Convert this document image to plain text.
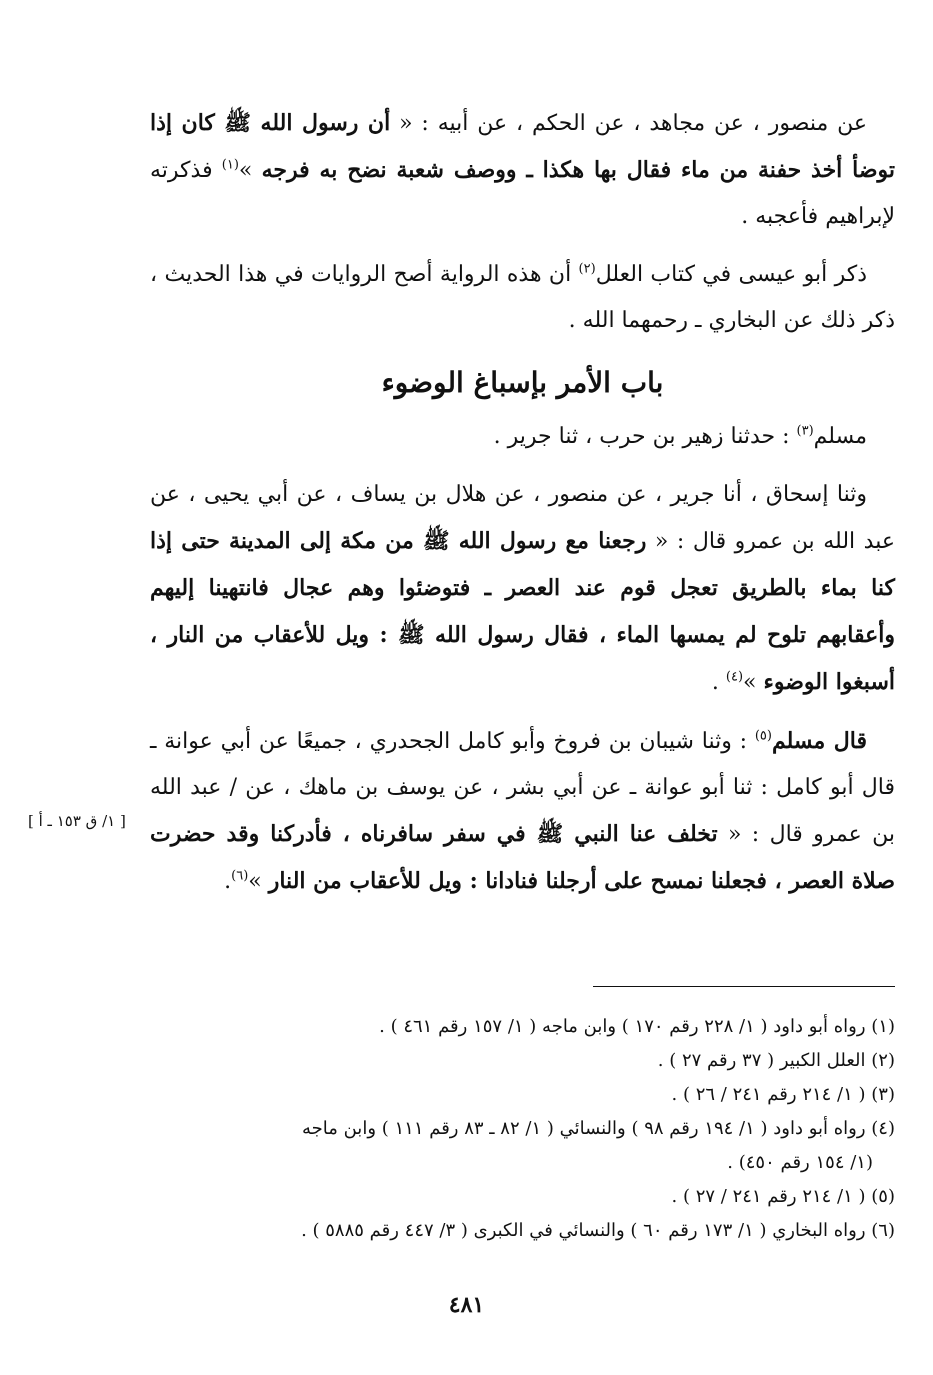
عن منصور ، عن مجاهد ، عن الحكم ، عن أبيه : « أن رسول الله ﷺ كان إذا توضأ أخذ حفنة من ماء فقال بها هكذا ـ ووصف شعبة نضح به فرجه »$^{(١)}$ فذكرته لإبراهيم فأعجبه .

ذكر أبو عيسى في كتاب العلل$^{(٢)}$ أن هذه الرواية أصح الروايات في هذا الحديث ، ذكر ذلك عن البخاري ـ رحمهما الله .

باب الأمر بإسباغ الوضوء

مسلم$^{(٣)}$ : حدثنا زهير بن حرب ، ثنا جرير .

وثنا إسحاق ، أنا جرير ، عن منصور ، عن هلال بن يساف ، عن أبي يحيى ، عن عبد الله بن عمرو قال : « رجعنا مع رسول الله ﷺ من مكة إلى المدينة حتى إذا كنا بماء بالطريق تعجل قوم عند العصر ـ فتوضئوا وهم عجال فانتهينا إليهم وأعقابهم تلوح لم يمسها الماء ، فقال رسول الله ﷺ : ويل للأعقاب من النار ، أسبغوا الوضوء »$^{(٤)}$ .

قال مسلم$^{(٥)}$ : وثنا شيبان بن فروخ وأبو كامل الجحدري ، جميعًا عن أبي عوانة ـ قال أبو كامل : ثنا أبو عوانة ـ عن أبي بشر ، عن يوسف بن ماهك ، عن / عبد الله بن عمرو قال : « تخلف عنا النبي ﷺ في سفر سافرناه ، فأدركنا وقد حضرت صلاة العصر ، فجعلنا نمسح على أرجلنا فنادانا : ويل للأعقاب من النار »$^{(٦)}$.

[ ١/ ق ١٥٣ ـ أ ]

(١) رواه أبو داود ( ١/ ٢٢٨ رقم ١٧٠ ) وابن ماجه ( ١/ ١٥٧ رقم ٤٦١ ) .

(٢) العلل الكبير ( ٣٧ رقم ٢٧ ) .

(٣) ( ١/ ٢١٤ رقم ٢٤١ / ٢٦ ) .

(٤) رواه أبو داود ( ١/ ١٩٤ رقم ٩٨ ) والنسائي ( ١/ ٨٢ ـ ٨٣ رقم ١١١ ) وابن ماجه

(١/ ١٥٤ رقم ٤٥٠) .

(٥) ( ١/ ٢١٤ رقم ٢٤١ / ٢٧ ) .

(٦) رواه البخاري ( ١/ ١٧٣ رقم ٦٠ ) والنسائي في الكبرى ( ٣/ ٤٤٧ رقم ٥٨٨٥ ) .

٤٨١
